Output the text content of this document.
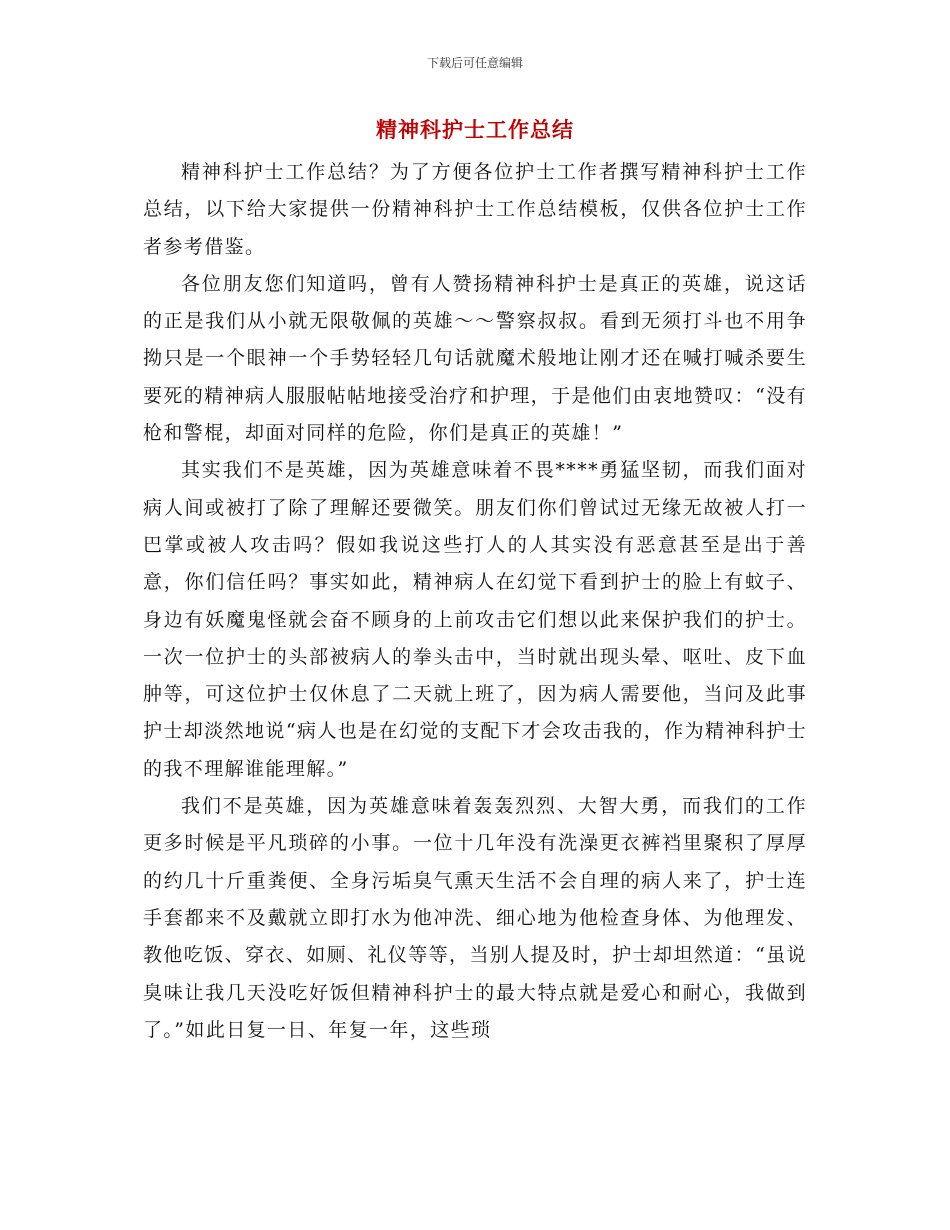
下载后可任意编辑
精神科护士工作总结

精神科护士工作总结？为了方便各位护士工作者撰写精神科护士工作总结，以下给大家提供一份精神科护士工作总结模板，仅供各位护士工作者参考借鉴。

各位朋友您们知道吗，曾有人赞扬精神科护士是真正的英雄，说这话的正是我们从小就无限敬佩的英雄～～警察叔叔。看到无须打斗也不用争拗只是一个眼神一个手势轻轻几句话就魔术般地让刚才还在喊打喊杀要生要死的精神病人服服帖帖地接受治疗和护理，于是他们由衷地赞叹：“没有枪和警棍，却面对同样的危险，你们是真正的英雄！”

其实我们不是英雄，因为英雄意味着不畏****勇猛坚韧，而我们面对病人间或被打了除了理解还要微笑。朋友们你们曾试过无缘无故被人打一巴掌或被人攻击吗？假如我说这些打人的人其实没有恶意甚至是出于善意，你们信任吗？事实如此，精神病人在幻觉下看到护士的脸上有蚊子、身边有妖魔鬼怪就会奋不顾身的上前攻击它们想以此来保护我们的护士。一次一位护士的头部被病人的拳头击中，当时就出现头晕、呕吐、皮下血肿等，可这位护士仅休息了二天就上班了，因为病人需要他，当问及此事护士却淡然地说“病人也是在幻觉的支配下才会攻击我的，作为精神科护士的我不理解谁能理解。”

我们不是英雄，因为英雄意味着轰轰烈烈、大智大勇，而我们的工作更多时候是平凡琐碎的小事。一位十几年没有洗澡更衣裤裆里聚积了厚厚的约几十斤重粪便、全身污垢臭气熏天生活不会自理的病人来了，护士连手套都来不及戴就立即打水为他冲洗、细心地为他检查身体、为他理发、教他吃饭、穿衣、如厕、礼仪等等，当别人提及时，护士却坦然道：“虽说臭味让我几天没吃好饭但精神科护士的最大特点就是爱心和耐心，我做到了。”如此日复一日、年复一年，这些琐
